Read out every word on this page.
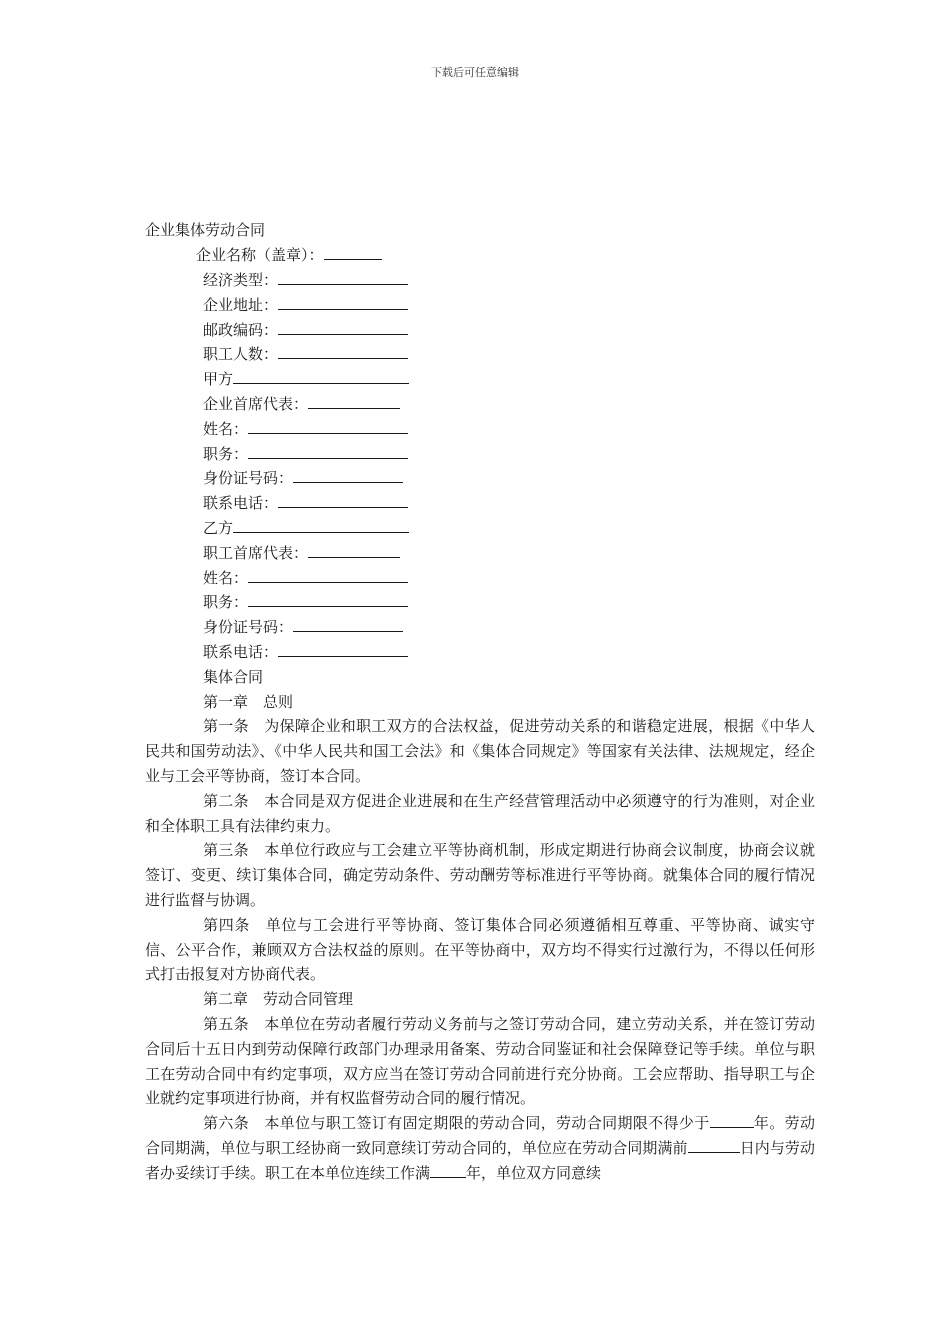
下载后可任意编辑
企业集体劳动合同
企业名称（盖章）：
经济类型：
企业地址：
邮政编码：
职工人数：
甲方
企业首席代表：
姓名：
职务：
身份证号码：
联系电话：
乙方
职工首席代表：
姓名：
职务：
身份证号码：
联系电话：
集体合同
第一章 总则

第一条 为保障企业和职工双方的合法权益，促进劳动关系的和谐稳定进展，根据《中华人民共和国劳动法》、《中华人民共和国工会法》和《集体合同规定》等国家有关法律、法规规定，经企业与工会平等协商，签订本合同。

第二条 本合同是双方促进企业进展和在生产经营管理活动中必须遵守的行为准则，对企业和全体职工具有法律约束力。

第三条 本单位行政应与工会建立平等协商机制，形成定期进行协商会议制度，协商会议就签订、变更、续订集体合同，确定劳动条件、劳动酬劳等标准进行平等协商。就集体合同的履行情况进行监督与协调。

第四条 单位与工会进行平等协商、签订集体合同必须遵循相互尊重、平等协商、诚实守信、公平合作，兼顾双方合法权益的原则。在平等协商中，双方均不得实行过激行为，不得以任何形式打击报复对方协商代表。

第二章 劳动合同管理

第五条 本单位在劳动者履行劳动义务前与之签订劳动合同，建立劳动关系，并在签订劳动合同后十五日内到劳动保障行政部门办理录用备案、劳动合同鉴证和社会保障登记等手续。单位与职工在劳动合同中有约定事项，双方应当在签订劳动合同前进行充分协商。工会应帮助、指导职工与企业就约定事项进行协商，并有权监督劳动合同的履行情况。

第六条 本单位与职工签订有固定期限的劳动合同，劳动合同期限不得少于	年。劳动合同期满，单位与职工经协商一致同意续订劳动合同的，单位应在劳动合同期满前	日内与劳动者办妥续订手续。职工在本单位连续工作满 年，单位双方同意续
